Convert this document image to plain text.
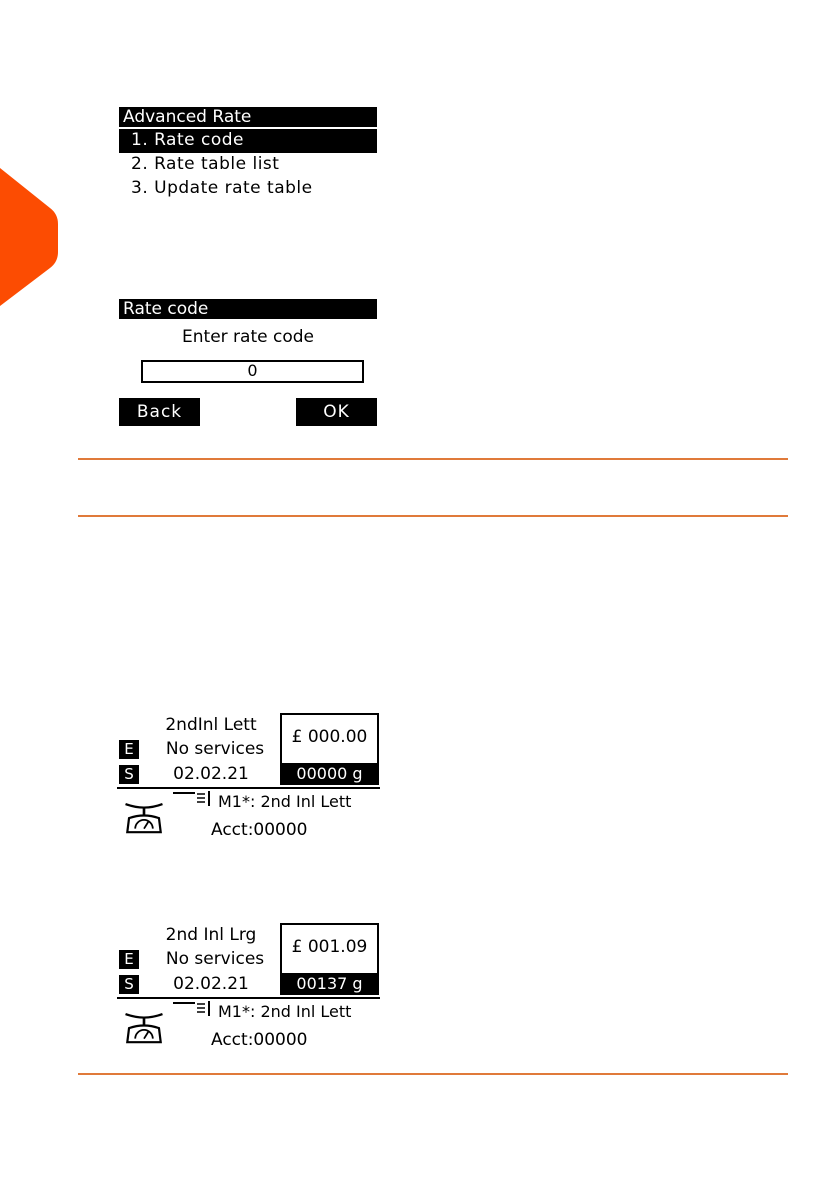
Advanced Rate
1. Rate code
2. Rate table list
3. Update rate table
Rate code
Enter rate code
0
Back	OK
2ndInl Lett
E	No services
S	02.02.21
£ 000.00
00000 g
M1*: 2nd Inl Lett
Acct:00000
2nd Inl Lrg
E	No services
S	02.02.21
£ 001.09
00137 g
M1*: 2nd Inl Lett
Acct:00000
